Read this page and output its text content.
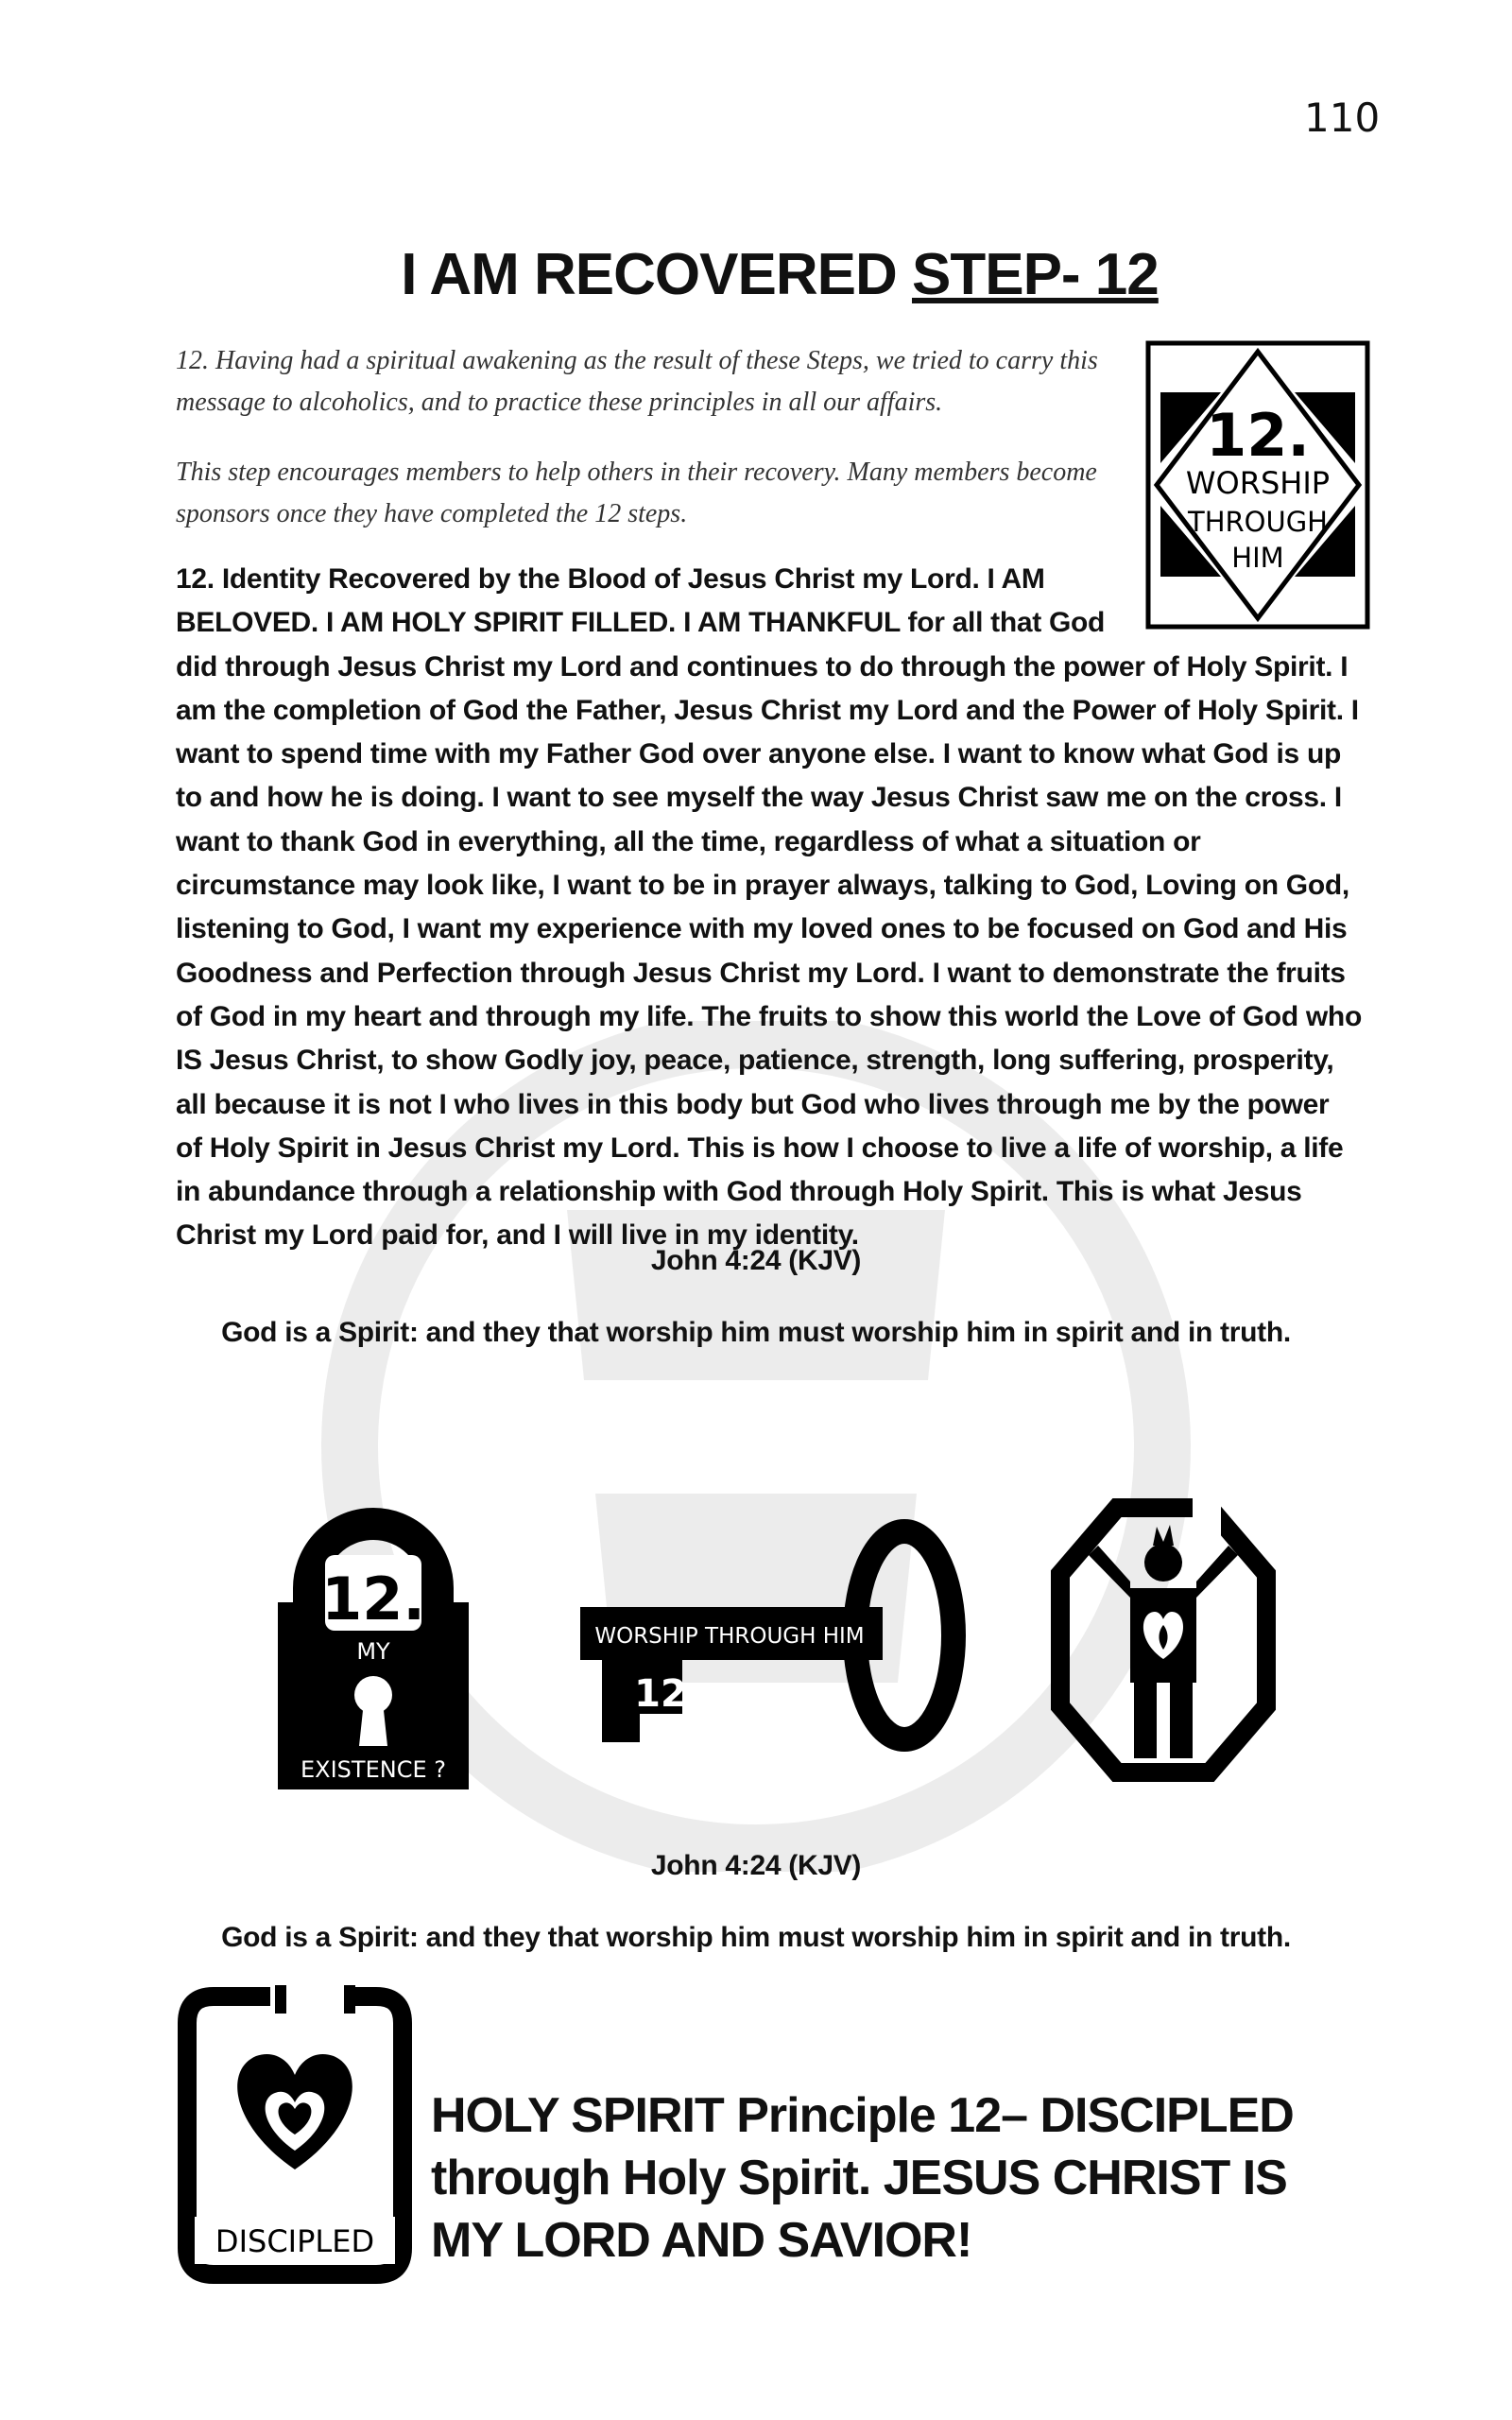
110
I AM RECOVERED STEP- 12
12. Having had a spiritual awakening as the result of these Steps, we tried to carry this message to alcoholics, and to practice these principles in all our affairs.
This step encourages members to help others in their recovery. Many members become sponsors once they have completed the 12 steps.
12.
WORSHIP
THROUGH
HIM
12. Identity Recovered by the Blood of Jesus Christ my Lord. I AM BELOVED. I AM HOLY SPIRIT FILLED. I AM THANKFUL for all that God did through Jesus Christ my Lord and continues to do through the power of Holy Spirit. I am the completion of God the Father, Jesus Christ my Lord and the Power of Holy Spirit. I want to spend time with my Father God over anyone else. I want to know what God is up to and how he is doing. I want to see myself the way Jesus Christ saw me on the cross. I want to thank God in everything, all the time, regardless of what a situation or circumstance may look like, I want to be in prayer always, talking to God, Loving on God, listening to God, I want my experience with my loved ones to be focused on God and His Goodness and Perfection through Jesus Christ my Lord. I want to demonstrate the fruits of God in my heart and through my life. The fruits to show this world the Love of God who IS Jesus Christ, to show Godly joy, peace, patience, strength, long suffering, prosperity, all because it is not I who lives in this body but God who lives through me by the power of Holy Spirit in Jesus Christ my Lord. This is how I choose to live a life of worship, a life in abundance through a relationship with God through Holy Spirit. This is what Jesus Christ my Lord paid for, and I will live in my identity.
John 4:24 (KJV)
God is a Spirit: and they that worship him must worship him in spirit and in truth.
12.
MY
EXISTENCE ?
WORSHIP THROUGH HIM
12
John 4:24 (KJV)
God is a Spirit: and they that worship him must worship him in spirit and in truth.
DISCIPLED
HOLY SPIRIT Principle 12– DISCIPLED through Holy Spirit. JESUS CHRIST IS MY LORD AND SAVIOR!
